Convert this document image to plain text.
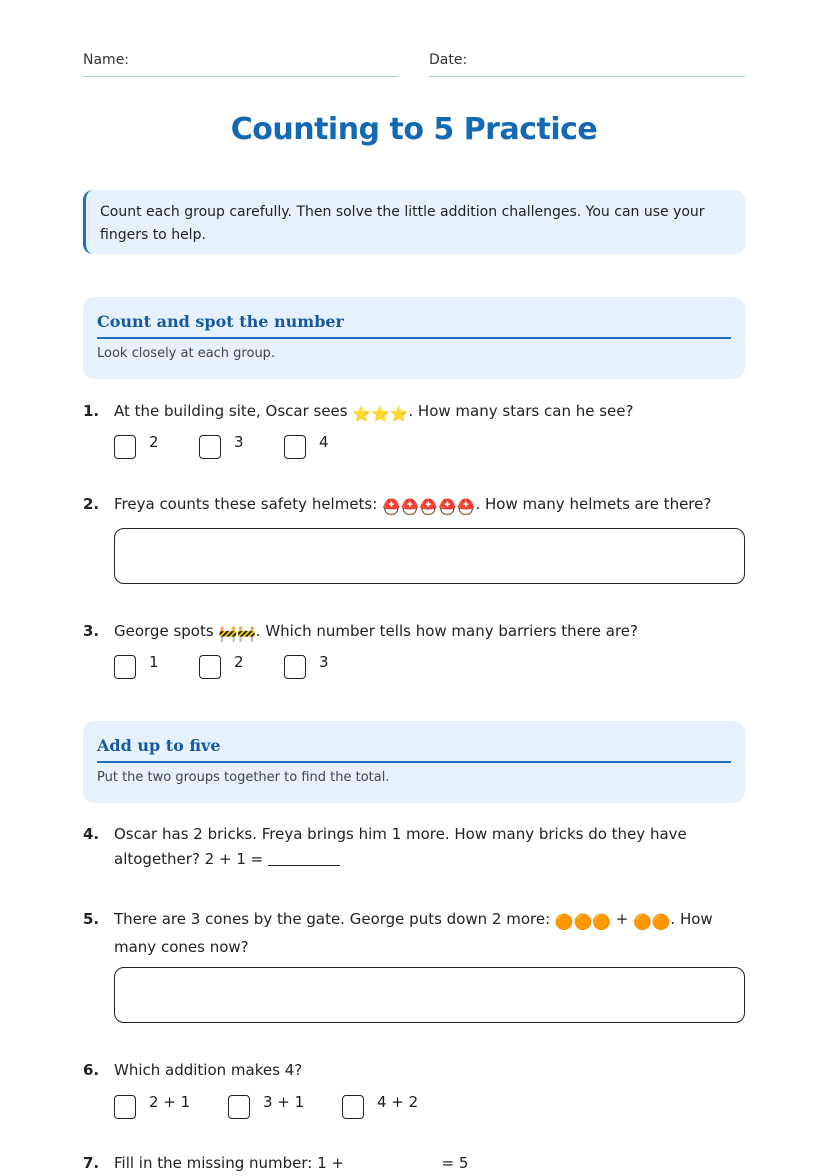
Name:	Date:
Counting to 5 Practice
Count each group carefully. Then solve the little addition challenges. You can use your fingers to help.
Count and spot the number
Look closely at each group.
1. At the building site, Oscar sees ⭐⭐⭐. How many stars can he see?
2	3	4
2. Freya counts these safety helmets: ⛑️⛑️⛑️⛑️⛑️. How many helmets are there?
3. George spots 🚧🚧. Which number tells how many barriers there are?
1	2	3
Add up to five
Put the two groups together to find the total.
4. Oscar has 2 bricks. Freya brings him 1 more. How many bricks do they have
altogether? 2 + 1 =
5. There are 3 cones by the gate. George puts down 2 more: 🟠🟠🟠 + 🟠🟠. How
many cones now?
6. Which addition makes 4?
2 + 1	3 + 1	4 + 2
7. Fill in the missing number: 1 +	= 5
